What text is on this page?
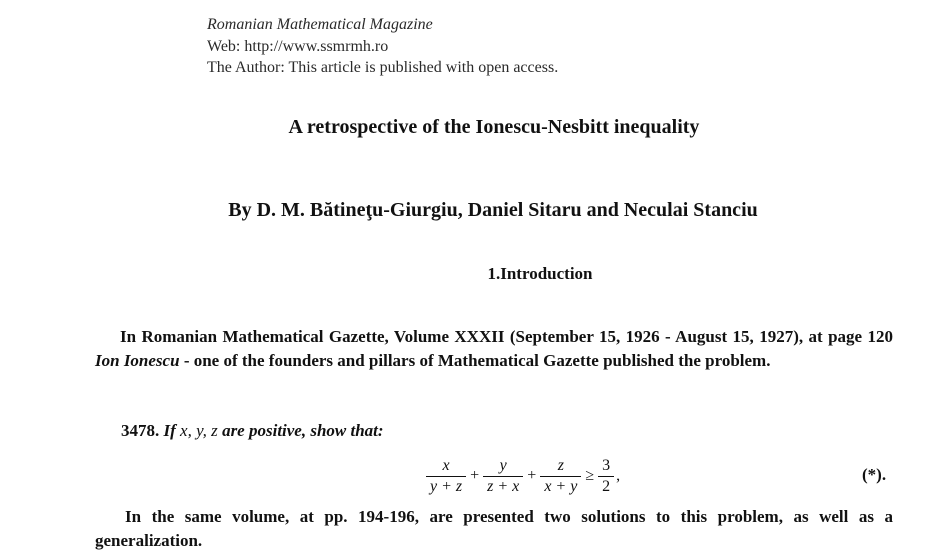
Romanian Mathematical Magazine
Web: http://www.ssmrmh.ro
The Author: This article is published with open access.
A retrospective of the Ionescu-Nesbitt inequality
By D. M. Bătineţu-Giurgiu, Daniel Sitaru and Neculai Stanciu
1.Introduction
In Romanian Mathematical Gazette, Volume XXXII (September 15, 1926 - August 15, 1927), at page 120 Ion Ionescu - one of the founders and pillars of Mathematical Gazette published the problem.
3478. If x, y, z are positive, show that:
$\frac{x}{y + z} + \frac{y}{z + x} + \frac{z}{x + y} \ge \frac{3}{2}$ ,	(*).
In the same volume, at pp. 194-196, are presented two solutions to this problem, as well as a generalization.
